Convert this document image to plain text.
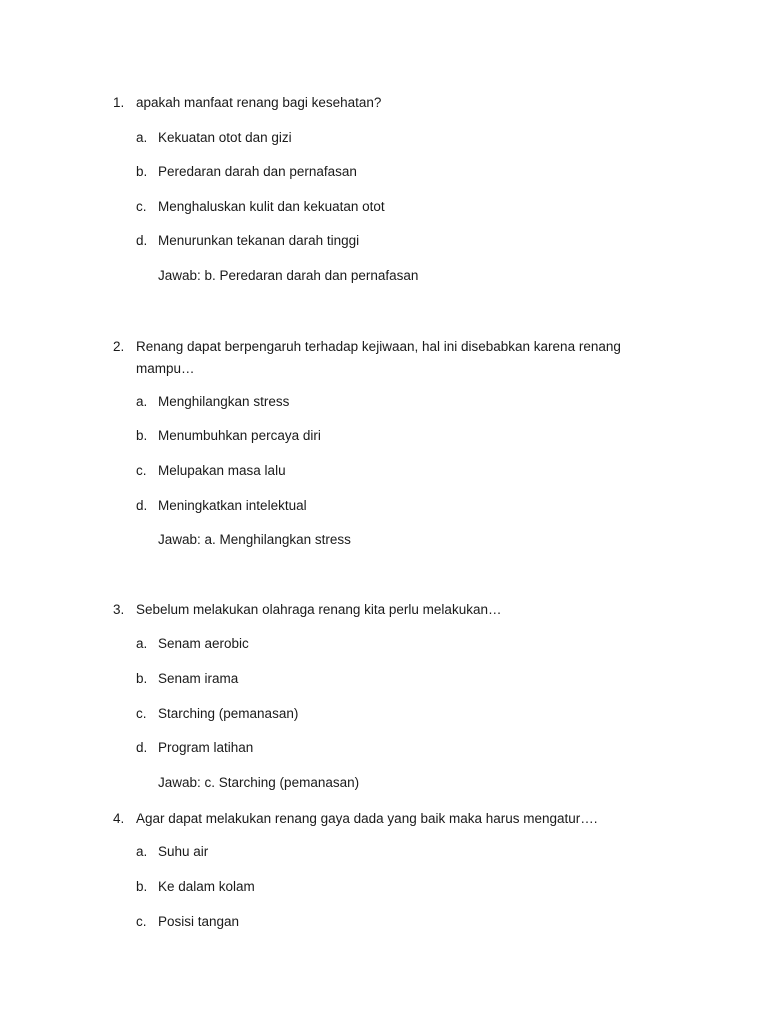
1. apakah manfaat renang bagi kesehatan?
a. Kekuatan otot dan gizi
b. Peredaran darah dan pernafasan
c. Menghaluskan kulit dan kekuatan otot
d. Menurunkan tekanan darah tinggi
Jawab: b. Peredaran darah dan pernafasan
2. Renang dapat berpengaruh terhadap kejiwaan, hal ini disebabkan karena renang mampu…
a. Menghilangkan stress
b. Menumbuhkan percaya diri
c. Melupakan masa lalu
d. Meningkatkan intelektual
Jawab: a. Menghilangkan stress
3. Sebelum melakukan olahraga renang kita perlu melakukan…
a. Senam aerobic
b. Senam irama
c. Starching (pemanasan)
d. Program latihan
Jawab: c. Starching (pemanasan)
4. Agar dapat melakukan renang gaya dada yang baik maka harus mengatur….
a. Suhu air
b. Ke dalam kolam
c. Posisi tangan
